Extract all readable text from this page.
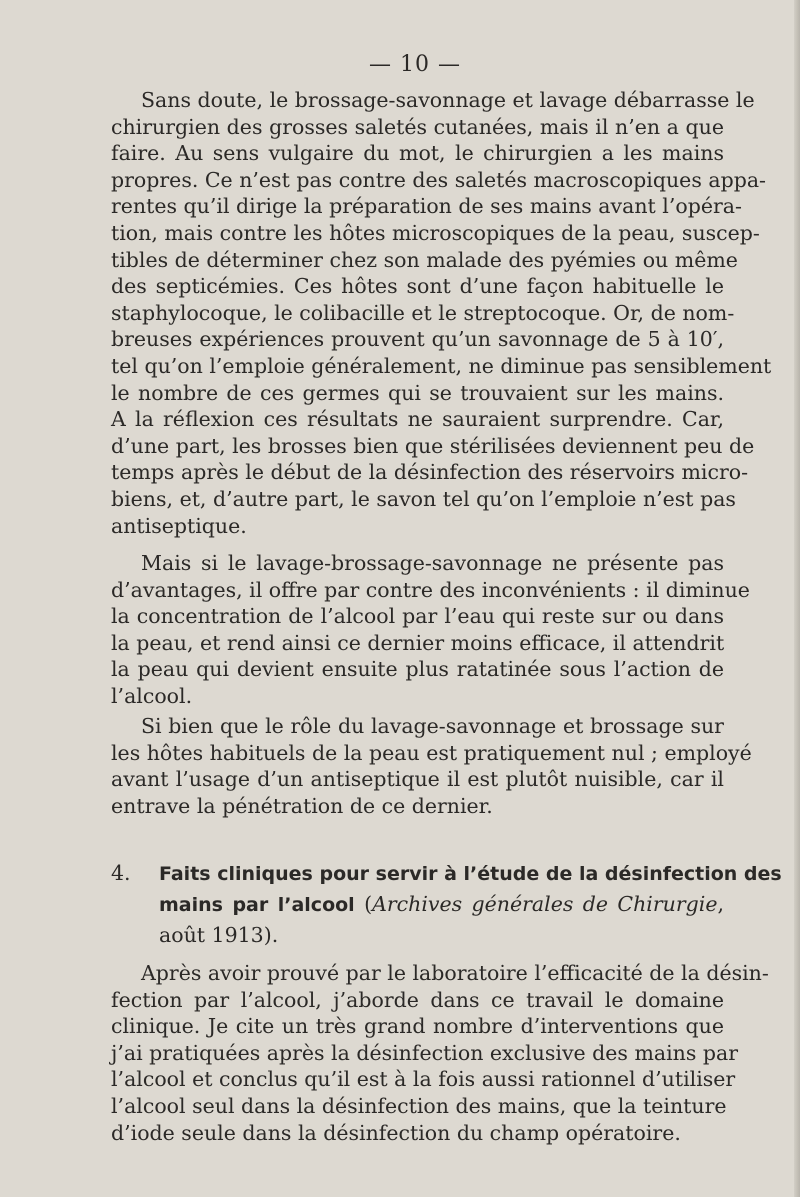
— 10 —
Sans doute, le brossage-savonnage et lavage débarrasse le
chirurgien des grosses saletés cutanées, mais il n’en a que
faire. Au sens vulgaire du mot, le chirurgien a les mains
propres. Ce n’est pas contre des saletés macroscopiques appa-
rentes qu’il dirige la préparation de ses mains avant l’opéra-
tion, mais contre les hôtes microscopiques de la peau, suscep-
tibles de déterminer chez son malade des pyémies ou même
des septicémies. Ces hôtes sont d’une façon habituelle le
staphylocoque, le colibacille et le streptocoque. Or, de nom-
breuses expériences prouvent qu’un savonnage de 5 à 10′,
tel qu’on l’emploie généralement, ne diminue pas sensiblement
le nombre de ces germes qui se trouvaient sur les mains.
A la réflexion ces résultats ne sauraient surprendre. Car,
d’une part, les brosses bien que stérilisées deviennent peu de
temps après le début de la désinfection des réservoirs micro-
biens, et, d’autre part, le savon tel qu’on l’emploie n’est pas
antiseptique.
Mais si le lavage-brossage-savonnage ne présente pas
d’avantages, il offre par contre des inconvénients : il diminue
la concentration de l’alcool par l’eau qui reste sur ou dans
la peau, et rend ainsi ce dernier moins efficace, il attendrit
la peau qui devient ensuite plus ratatinée sous l’action de
l’alcool.
Si bien que le rôle du lavage-savonnage et brossage sur
les hôtes habituels de la peau est pratiquement nul ; employé
avant l’usage d’un antiseptique il est plutôt nuisible, car il
entrave la pénétration de ce dernier.
4.	Faits cliniques pour servir à l’étude de la désinfection des
mains par l’alcool (Archives générales de Chirurgie,
août 1913).
Après avoir prouvé par le laboratoire l’efficacité de la désin-
fection par l’alcool, j’aborde dans ce travail le domaine
clinique. Je cite un très grand nombre d’interventions que
j’ai pratiquées après la désinfection exclusive des mains par
l’alcool et conclus qu’il est à la fois aussi rationnel d’utiliser
l’alcool seul dans la désinfection des mains, que la teinture
d’iode seule dans la désinfection du champ opératoire.
